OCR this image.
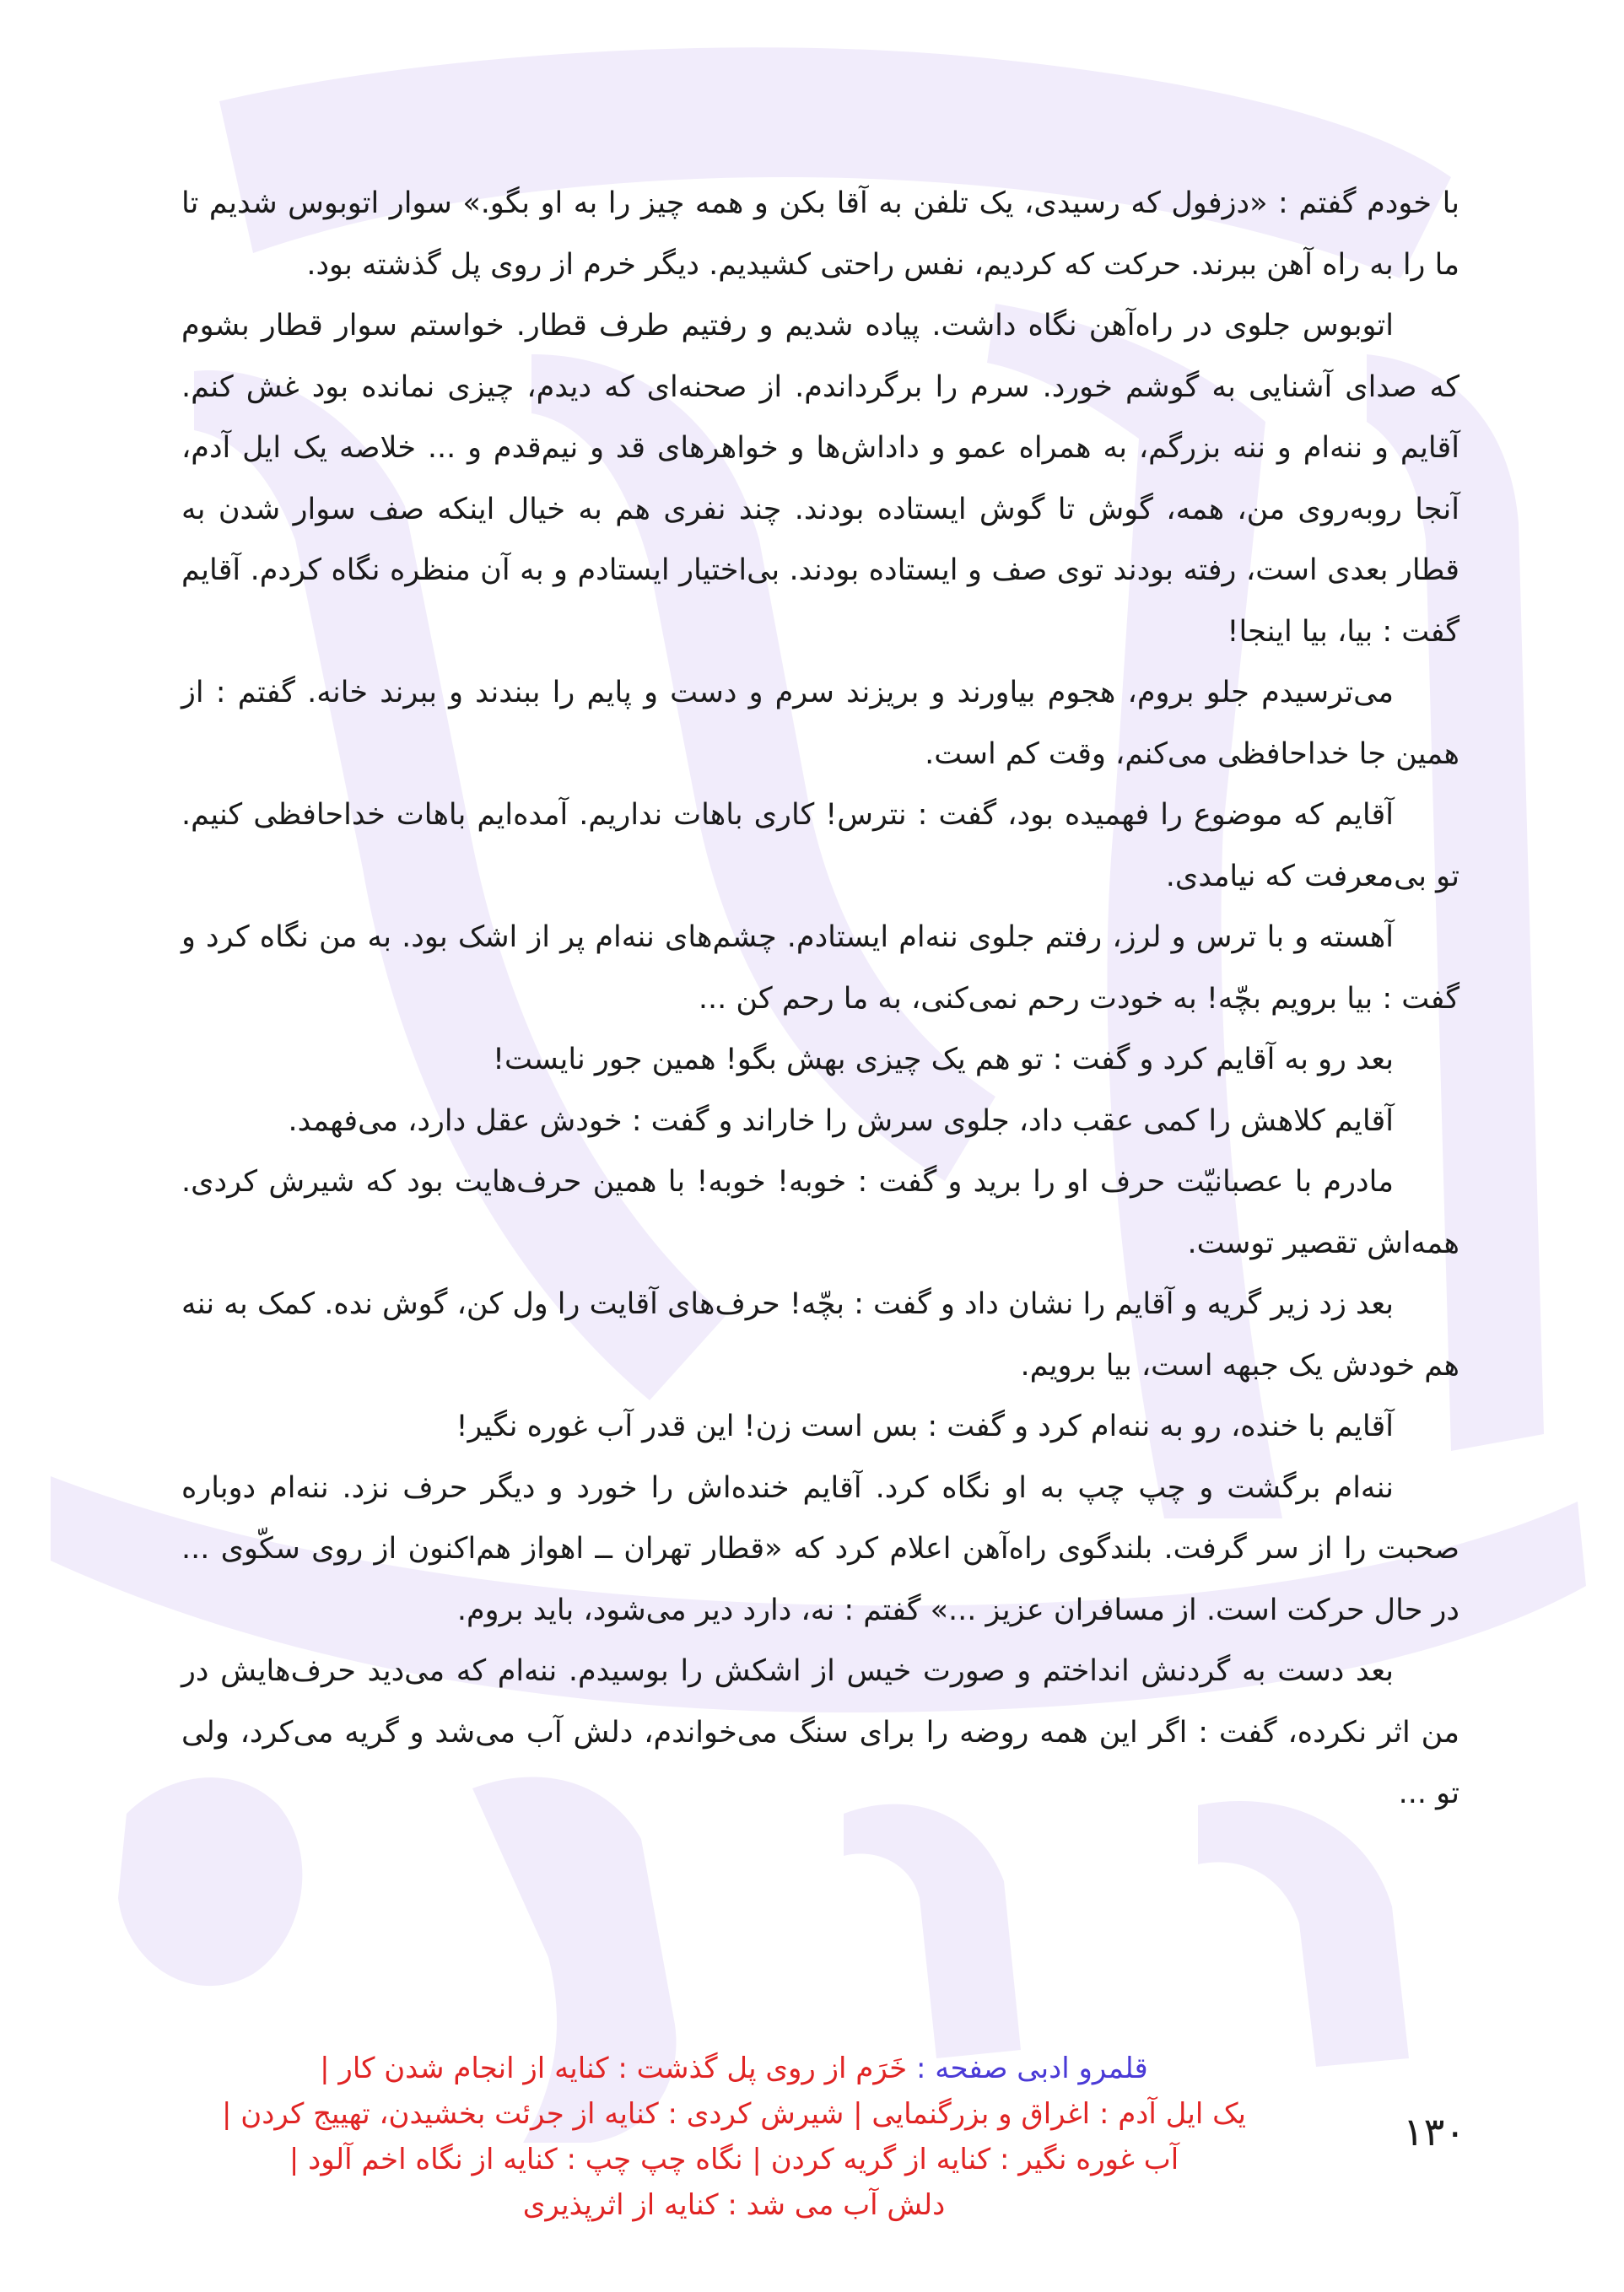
با خودم گفتم : «دزفول که رسیدی، یک تلفن به آقا بکن و همه چیز را به او بگو.» سوار اتوبوس شدیم تا ما را به راه آهن ببرند. حرکت که کردیم، نفس راحتی کشیدیم. دیگر خرم از روی پل گذشته بود.

اتوبوس جلوی در راه‌آهن نگاه داشت. پیاده شدیم و رفتیم طرف قطار. خواستم سوار قطار بشوم که صدای آشنایی به گوشم خورد. سرم را برگرداندم. از صحنه‌ای که دیدم، چیزی نمانده بود غش کنم. آقایم و ننه‌ام و ننه بزرگم، به همراه عمو و داداش‌ها و خواهرهای قد و نیم‌قدم و ... خلاصه یک ایل آدم، آنجا روبه‌روی من، همه، گوش تا گوش ایستاده بودند. چند نفری هم به خیال اینکه صف سوار شدن به قطار بعدی است، رفته بودند توی صف و ایستاده بودند. بی‌اختیار ایستادم و به آن منظره نگاه کردم. آقایم گفت : بیا، بیا اینجا!

می‌ترسیدم جلو بروم، هجوم بیاورند و بریزند سرم و دست و پایم را ببندند و ببرند خانه. گفتم : از همین جا خداحافظی می‌کنم، وقت کم است.

آقایم که موضوع را فهمیده بود، گفت : نترس! کاری باهات نداریم. آمده‌ایم باهات خداحافظی کنیم. تو بی‌معرفت که نیامدی.

آهسته و با ترس و لرز، رفتم جلوی ننه‌ام ایستادم. چشم‌های ننه‌ام پر از اشک بود. به من نگاه کرد و گفت : بیا برویم بچّه! به خودت رحم نمی‌کنی، به ما رحم کن ...

بعد رو به آقایم کرد و گفت : تو هم یک چیزی بهش بگو! همین جور نایست!

آقایم کلاهش را کمی عقب داد، جلوی سرش را خاراند و گفت : خودش عقل دارد، می‌فهمد.

مادرم با عصبانیّت حرف او را برید و گفت : خوبه! خوبه! با همین حرف‌هایت بود که شیرش کردی. همه‌اش تقصیر توست.

بعد زد زیر گریه و آقایم را نشان داد و گفت : بچّه! حرف‌های آقایت را ول کن، گوش نده. کمک به ننه هم خودش یک جبهه است، بیا برویم.

آقایم با خنده، رو به ننه‌ام کرد و گفت : بس است زن! این قدر آب غوره نگیر!

ننه‌ام برگشت و چپ چپ به او نگاه کرد. آقایم خنده‌اش را خورد و دیگر حرف نزد. ننه‌ام دوباره صحبت را از سر گرفت. بلندگوی راه‌آهن اعلام کرد که «قطار تهران ــ اهواز هم‌اکنون از روی سکّوی ... در حال حرکت است. از مسافران عزیز ...» گفتم : نه، دارد دیر می‌شود، باید بروم.

بعد دست به گردنش انداختم و صورت خیس از اشکش را بوسیدم. ننه‌ام که می‌دید حرف‌هایش در من اثر نکرده، گفت : اگر این همه روضه را برای سنگ می‌خواندم، دلش آب می‌شد و گریه می‌کرد، ولی تو ...

قلمرو ادبی صفحه : خَرَم از روی پل گذشت : کنایه از انجام شدن کار |
یک ایل آدم : اغراق و بزرگنمایی | شیرش کردی : کنایه از جرئت بخشیدن، تهییج کردن |
آب غوره نگیر : کنایه از گریه کردن | نگاه چپ چپ : کنایه از نگاه اخم آلود |
دلش آب می شد : کنایه از اثرپذیری
۱۳۰
